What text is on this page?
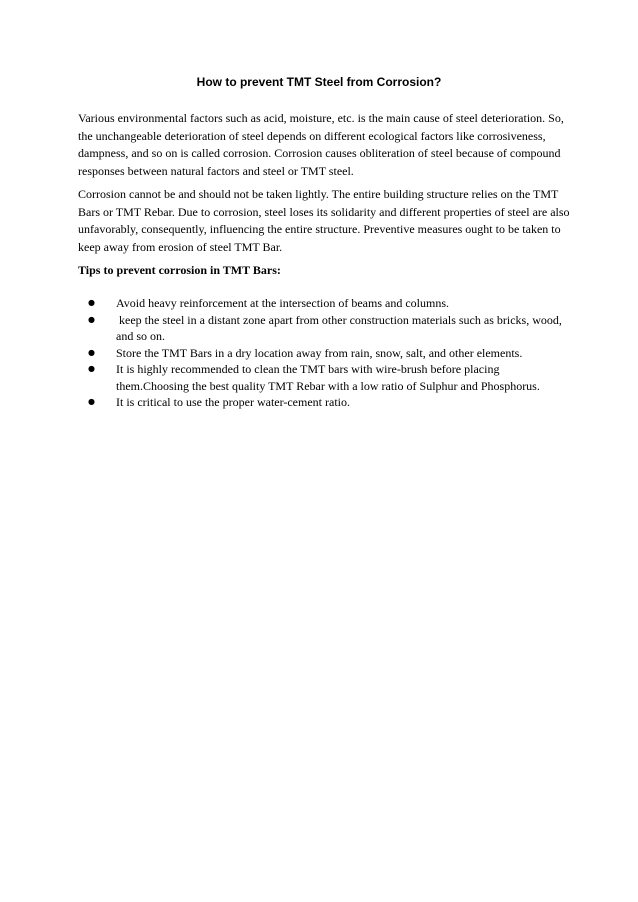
How to prevent TMT Steel from Corrosion?
Various environmental factors such as acid, moisture, etc. is the main cause of steel deterioration. So,
the unchangeable deterioration of steel depends on different ecological factors like corrosiveness,
dampness, and so on is called corrosion. Corrosion causes obliteration of steel because of compound
responses between natural factors and steel or TMT steel.
Corrosion cannot be and should not be taken lightly. The entire building structure relies on the TMT
Bars or TMT Rebar. Due to corrosion, steel loses its solidarity and different properties of steel are also
unfavorably, consequently, influencing the entire structure. Preventive measures ought to be taken to
keep away from erosion of steel TMT Bar.
Tips to prevent corrosion in TMT Bars:
● Avoid heavy reinforcement at the intersection of beams and columns.
● keep the steel in a distant zone apart from other construction materials such as bricks, wood,
and so on.
● Store the TMT Bars in a dry location away from rain, snow, salt, and other elements.
● It is highly recommended to clean the TMT bars with wire-brush before placing
them.Choosing the best quality TMT Rebar with a low ratio of Sulphur and Phosphorus.
● It is critical to use the proper water-cement ratio.
